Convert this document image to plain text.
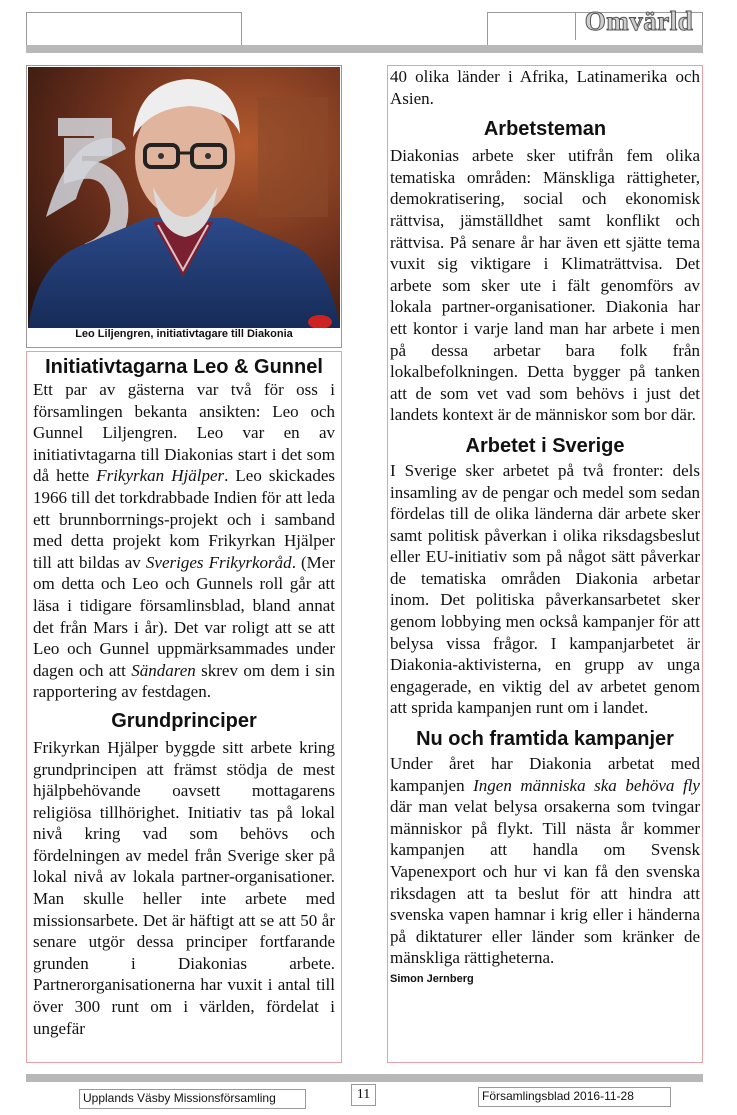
Omvärld
Leo Liljengren, initiativtagare till Diakonia
Initiativtagarna Leo & Gunnel

Ett par av gästerna var två för oss i församlingen bekanta ansikten: Leo och Gunnel Liljengren. Leo var en av initiativtagarna till Diakonias start i det som då hette Frikyrkan Hjälper. Leo skickades 1966 till det torkdrabbade Indien för att leda ett brunnborrnings-projekt och i samband med detta projekt kom Frikyrkan Hjälper till att bildas av Sveriges Frikyrkoråd. (Mer om detta och Leo och Gunnels roll går att läsa i tidigare församlinsblad, bland annat det från Mars i år). Det var roligt att se att Leo och Gunnel uppmärksammades under dagen och att Sändaren skrev om dem i sin rapportering av festdagen.

Grundprinciper

Frikyrkan Hjälper byggde sitt arbete kring grundprincipen att främst stödja de mest hjälpbehövande oavsett mottagarens religiösa tillhörighet. Initiativ tas på lokal nivå kring vad som behövs och fördelningen av medel från Sverige sker på lokal nivå av lokala partner-organisationer. Man skulle heller inte arbete med missionsarbete. Det är häftigt att se att 50 år senare utgör dessa principer fortfarande grunden i Diakonias arbete. Partnerorganisationerna har vuxit i antal till över 300 runt om i världen, fördelat i ungefär

40 olika länder i Afrika, Latinamerika och Asien.

Arbetsteman

Diakonias arbete sker utifrån fem olika tematiska områden: Mänskliga rättigheter, demokratisering, social och ekonomisk rättvisa, jämställdhet samt konflikt och rättvisa. På senare år har även ett sjätte tema vuxit sig viktigare i Klimaträttvisa. Det arbete som sker ute i fält genomförs av lokala partner-organisationer. Diakonia har ett kontor i varje land man har arbete i men på dessa arbetar bara folk från lokalbefolkningen. Detta bygger på tanken att de som vet vad som behövs i just det landets kontext är de människor som bor där.

Arbetet i Sverige

I Sverige sker arbetet på två fronter: dels insamling av de pengar och medel som sedan fördelas till de olika länderna där arbete sker samt politisk påverkan i olika riksdagsbeslut eller EU-initiativ som på något sätt påverkar de tematiska områden Diakonia arbetar inom. Det politiska påverkansarbetet sker genom lobbying men också kampanjer för att belysa vissa frågor. I kampanjarbetet är Diakonia-aktivisterna, en grupp av unga engagerade, en viktig del av arbetet genom att sprida kampanjen runt om i landet.

Nu och framtida kampanjer

Under året har Diakonia arbetat med kampanjen Ingen människa ska behöva fly där man velat belysa orsakerna som tvingar människor på flykt. Till nästa år kommer kampanjen att handla om Svensk Vapenexport och hur vi kan få den svenska riksdagen att ta beslut för att hindra att svenska vapen hamnar i krig eller i händerna på diktaturer eller länder som kränker de mänskliga rättigheterna.

Simon Jernberg
Upplands Väsby Missionsförsamling	11	Församlingsblad 2016-11-28
